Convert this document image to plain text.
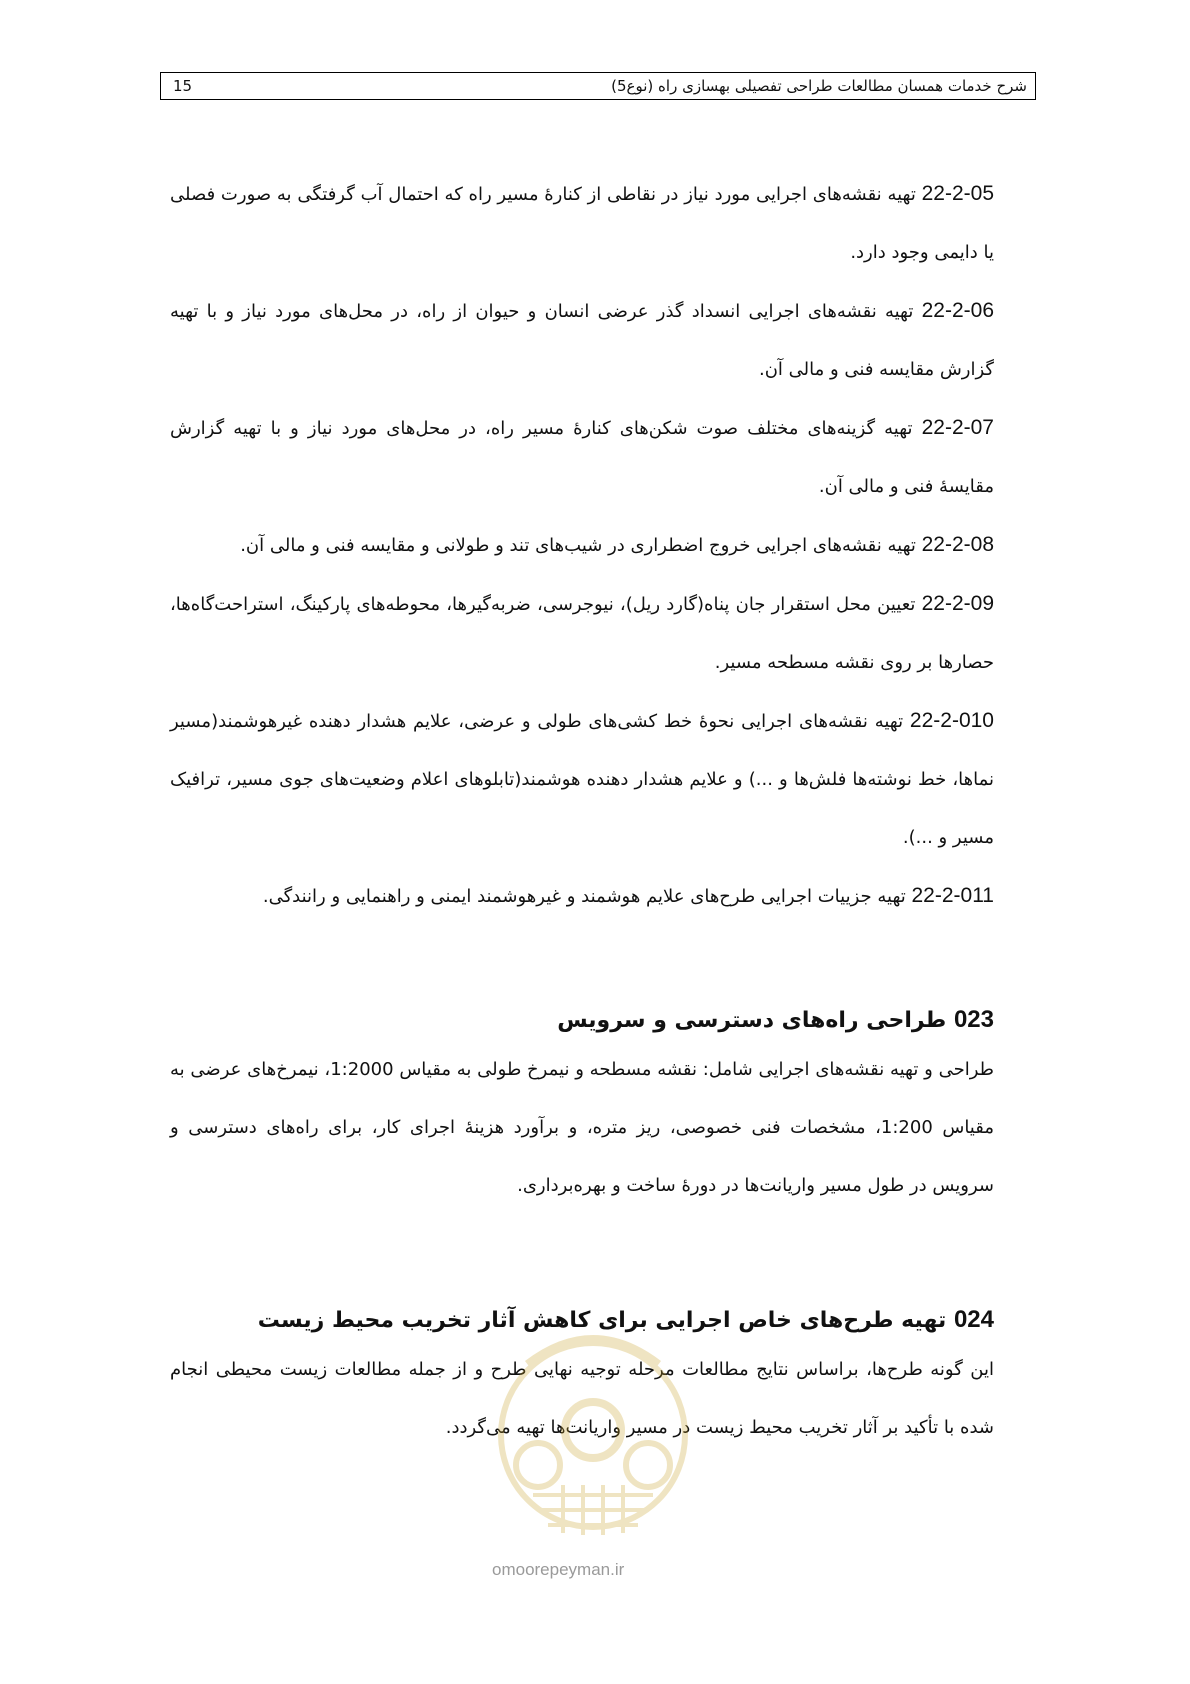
شرح خدمات همسان مطالعات طراحی تفصیلی بهسازی راه (نوع5)
15

22-2-05 تهیه نقشه‌های اجرایی مورد نیاز در نقاطی از کنارۀ مسیر راه که احتمال آب گرفتگی به صورت فصلی یا دایمی وجود دارد.

22-2-06 تهیه نقشه‌های اجرایی انسداد گذر عرضی انسان و حیوان از راه، در محل‌های مورد نیاز و با تهیه گزارش مقایسه فنی و مالی آن.

22-2-07 تهیه گزینه‌های مختلف صوت شکن‌های کنارۀ مسیر راه، در محل‌های مورد نیاز و با تهیه گزارش مقایسۀ فنی و مالی آن.

22-2-08 تهیه نقشه‌های اجرایی خروج اضطراری در شیب‌های تند و طولانی و مقایسه فنی و مالی آن.

22-2-09 تعیین محل استقرار جان پناه(گارد ریل)، نیوجرسی، ضربه‌گیرها، محوطه‌های پارکینگ، استراحت‌گاه‌ها، حصارها بر روی نقشه مسطحه مسیر.

22-2-010 تهیه نقشه‌های اجرایی نحوۀ خط کشی‌های طولی و عرضی، علایم هشدار دهنده غیرهوشمند(مسیر نماها، خط نوشته‌ها فلش‌ها و ...) و علایم هشدار دهنده هوشمند(تابلوهای اعلام وضعیت‌های جوی مسیر، ترافیک مسیر و ...).

22-2-011 تهیه جزییات اجرایی طرح‌های علایم هوشمند و غیرهوشمند ایمنی و راهنمایی و رانندگی.

023 طراحی راه‌های دسترسی و سرویس

طراحی و تهیه نقشه‌های اجرایی شامل: نقشه مسطحه و نیمرخ طولی به مقیاس 1:2000، نیمرخ‌های عرضی به مقیاس 1:200، مشخصات فنی خصوصی، ریز متره، و برآورد هزینۀ اجرای کار، برای راه‌های دسترسی و سرویس در طول مسیر واریانت‌ها در دورۀ ساخت و بهره‌برداری.

024 تهیه طرح‌های خاص اجرایی برای کاهش آثار تخریب محیط زیست

این گونه طرح‌ها، براساس نتایج مطالعات مرحله توجیه نهایی طرح و از جمله مطالعات زیست محیطی انجام شده با تأکید بر آثار تخریب محیط زیست در مسیر واریانت‌ها تهیه می‌گردد.

omoorepeyman.ir
